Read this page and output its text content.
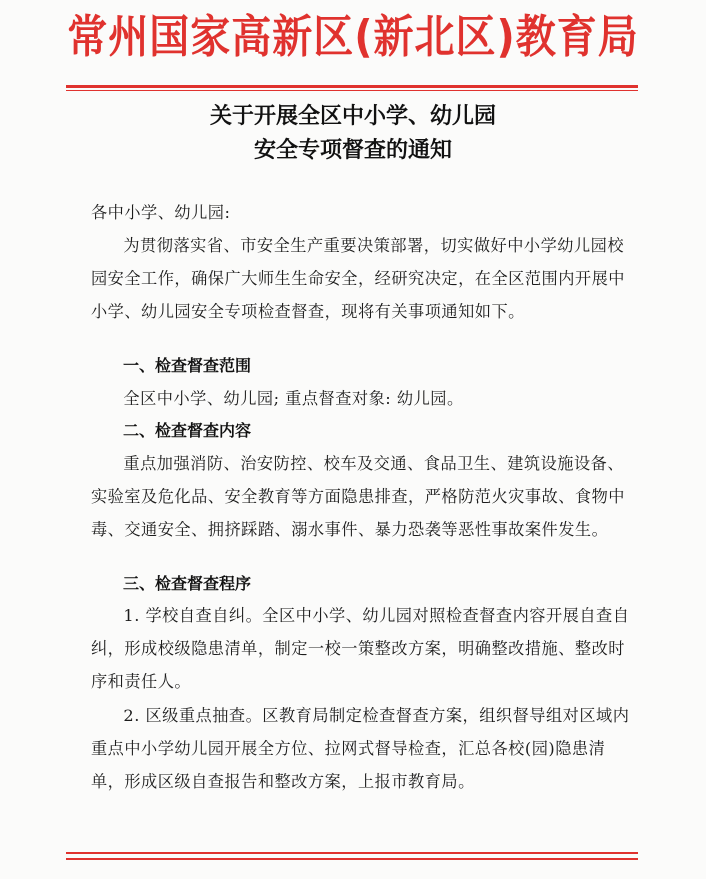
常州国家高新区(新北区)教育局
关于开展全区中小学、幼儿园
安全专项督查的通知
各中小学、幼儿园:
为贯彻落实省、市安全生产重要决策部署，切实做好中小学幼儿园校园安全工作，确保广大师生生命安全，经研究决定，在全区范围内开展中小学、幼儿园安全专项检查督查，现将有关事项通知如下。
一、检查督查范围
全区中小学、幼儿园; 重点督查对象: 幼儿园。
二、检查督查内容
重点加强消防、治安防控、校车及交通、食品卫生、建筑设施设备、实验室及危化品、安全教育等方面隐患排查，严格防范火灾事故、食物中毒、交通安全、拥挤踩踏、溺水事件、暴力恐袭等恶性事故案件发生。
三、检查督查程序
1. 学校自查自纠。全区中小学、幼儿园对照检查督查内容开展自查自纠，形成校级隐患清单，制定一校一策整改方案，明确整改措施、整改时序和责任人。
2. 区级重点抽查。区教育局制定检查督查方案，组织督导组对区域内重点中小学幼儿园开展全方位、拉网式督导检查，汇总各校(园)隐患清单，形成区级自查报告和整改方案，上报市教育局。
